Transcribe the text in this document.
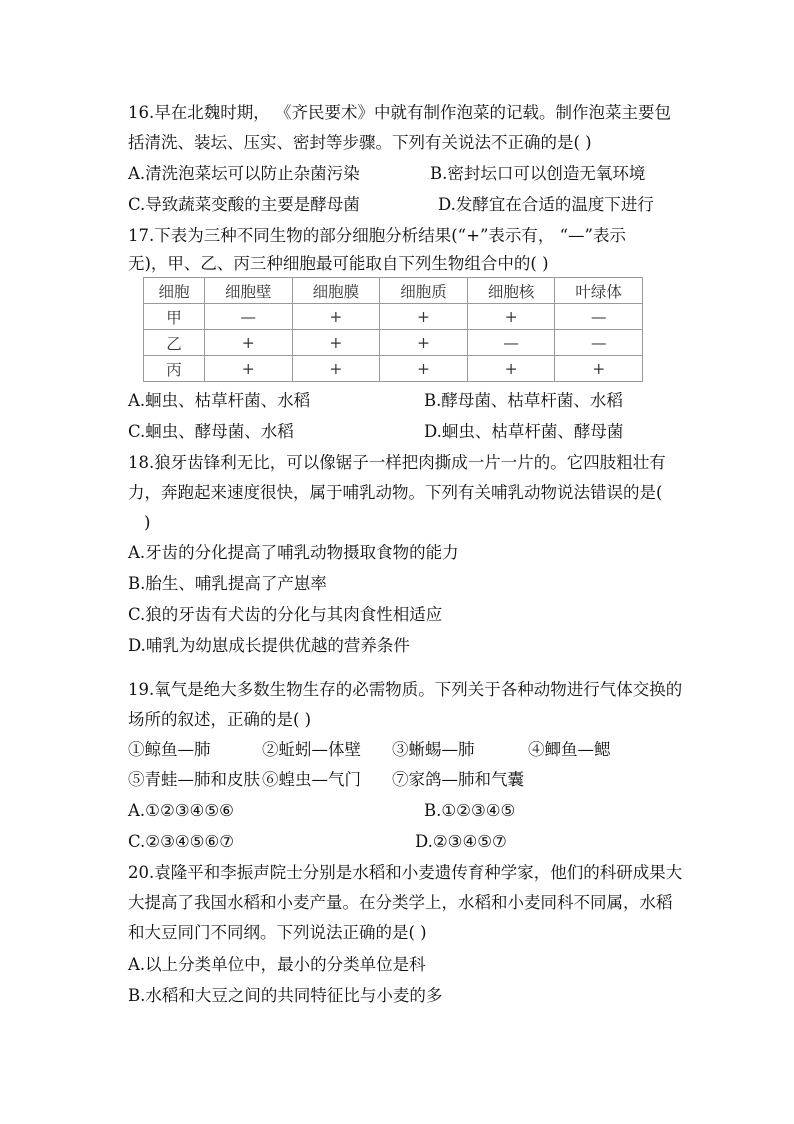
16.早在北魏时期， 《齐民要术》中就有制作泡菜的记载。制作泡菜主要包
括清洗、装坛、压实、密封等步骤。下列有关说法不正确的是( )
A.清洗泡菜坛可以防止杂菌污染	B.密封坛口可以创造无氧环境
C.导致蔬菜变酸的主要是酵母菌	D.发酵宜在合适的温度下进行
17.下表为三种不同生物的部分细胞分析结果(“+”表示有， “—”表示
无)，甲、乙、丙三种细胞最可能取自下列生物组合中的( )
细胞	细胞壁	细胞膜	细胞质	细胞核	叶绿体
甲	—	+	+	+	—
乙	+	+	+	—	—
丙	+	+	+	+	+
A.蛔虫、枯草杆菌、水稻	B.酵母菌、枯草杆菌、水稻
C.蛔虫、酵母菌、水稻	D.蛔虫、枯草杆菌、酵母菌
18.狼牙齿锋利无比，可以像锯子一样把肉撕成一片一片的。它四肢粗壮有
力，奔跑起来速度很快，属于哺乳动物。下列有关哺乳动物说法错误的是(
)
A.牙齿的分化提高了哺乳动物摄取食物的能力
B.胎生、哺乳提高了产崽率
C.狼的牙齿有犬齿的分化与其肉食性相适应
D.哺乳为幼崽成长提供优越的营养条件
19.氧气是绝大多数生物生存的必需物质。下列关于各种动物进行气体交换的
场所的叙述，正确的是( )
①鲸鱼—肺	②蚯蚓—体壁 ③蜥蜴—肺	④鲫鱼—鳃
⑤青蛙—肺和皮肤 ⑥蝗虫—气门 ⑦家鸽—肺和气囊
A.①②③④⑤⑥	B.①②③④⑤
C.②③④⑤⑥⑦	D.②③④⑤⑦
20.袁隆平和李振声院士分别是水稻和小麦遗传育种学家，他们的科研成果大
大提高了我国水稻和小麦产量。在分类学上，水稻和小麦同科不同属，水稻
和大豆同门不同纲。下列说法正确的是( )
A.以上分类单位中，最小的分类单位是科
B.水稻和大豆之间的共同特征比与小麦的多
